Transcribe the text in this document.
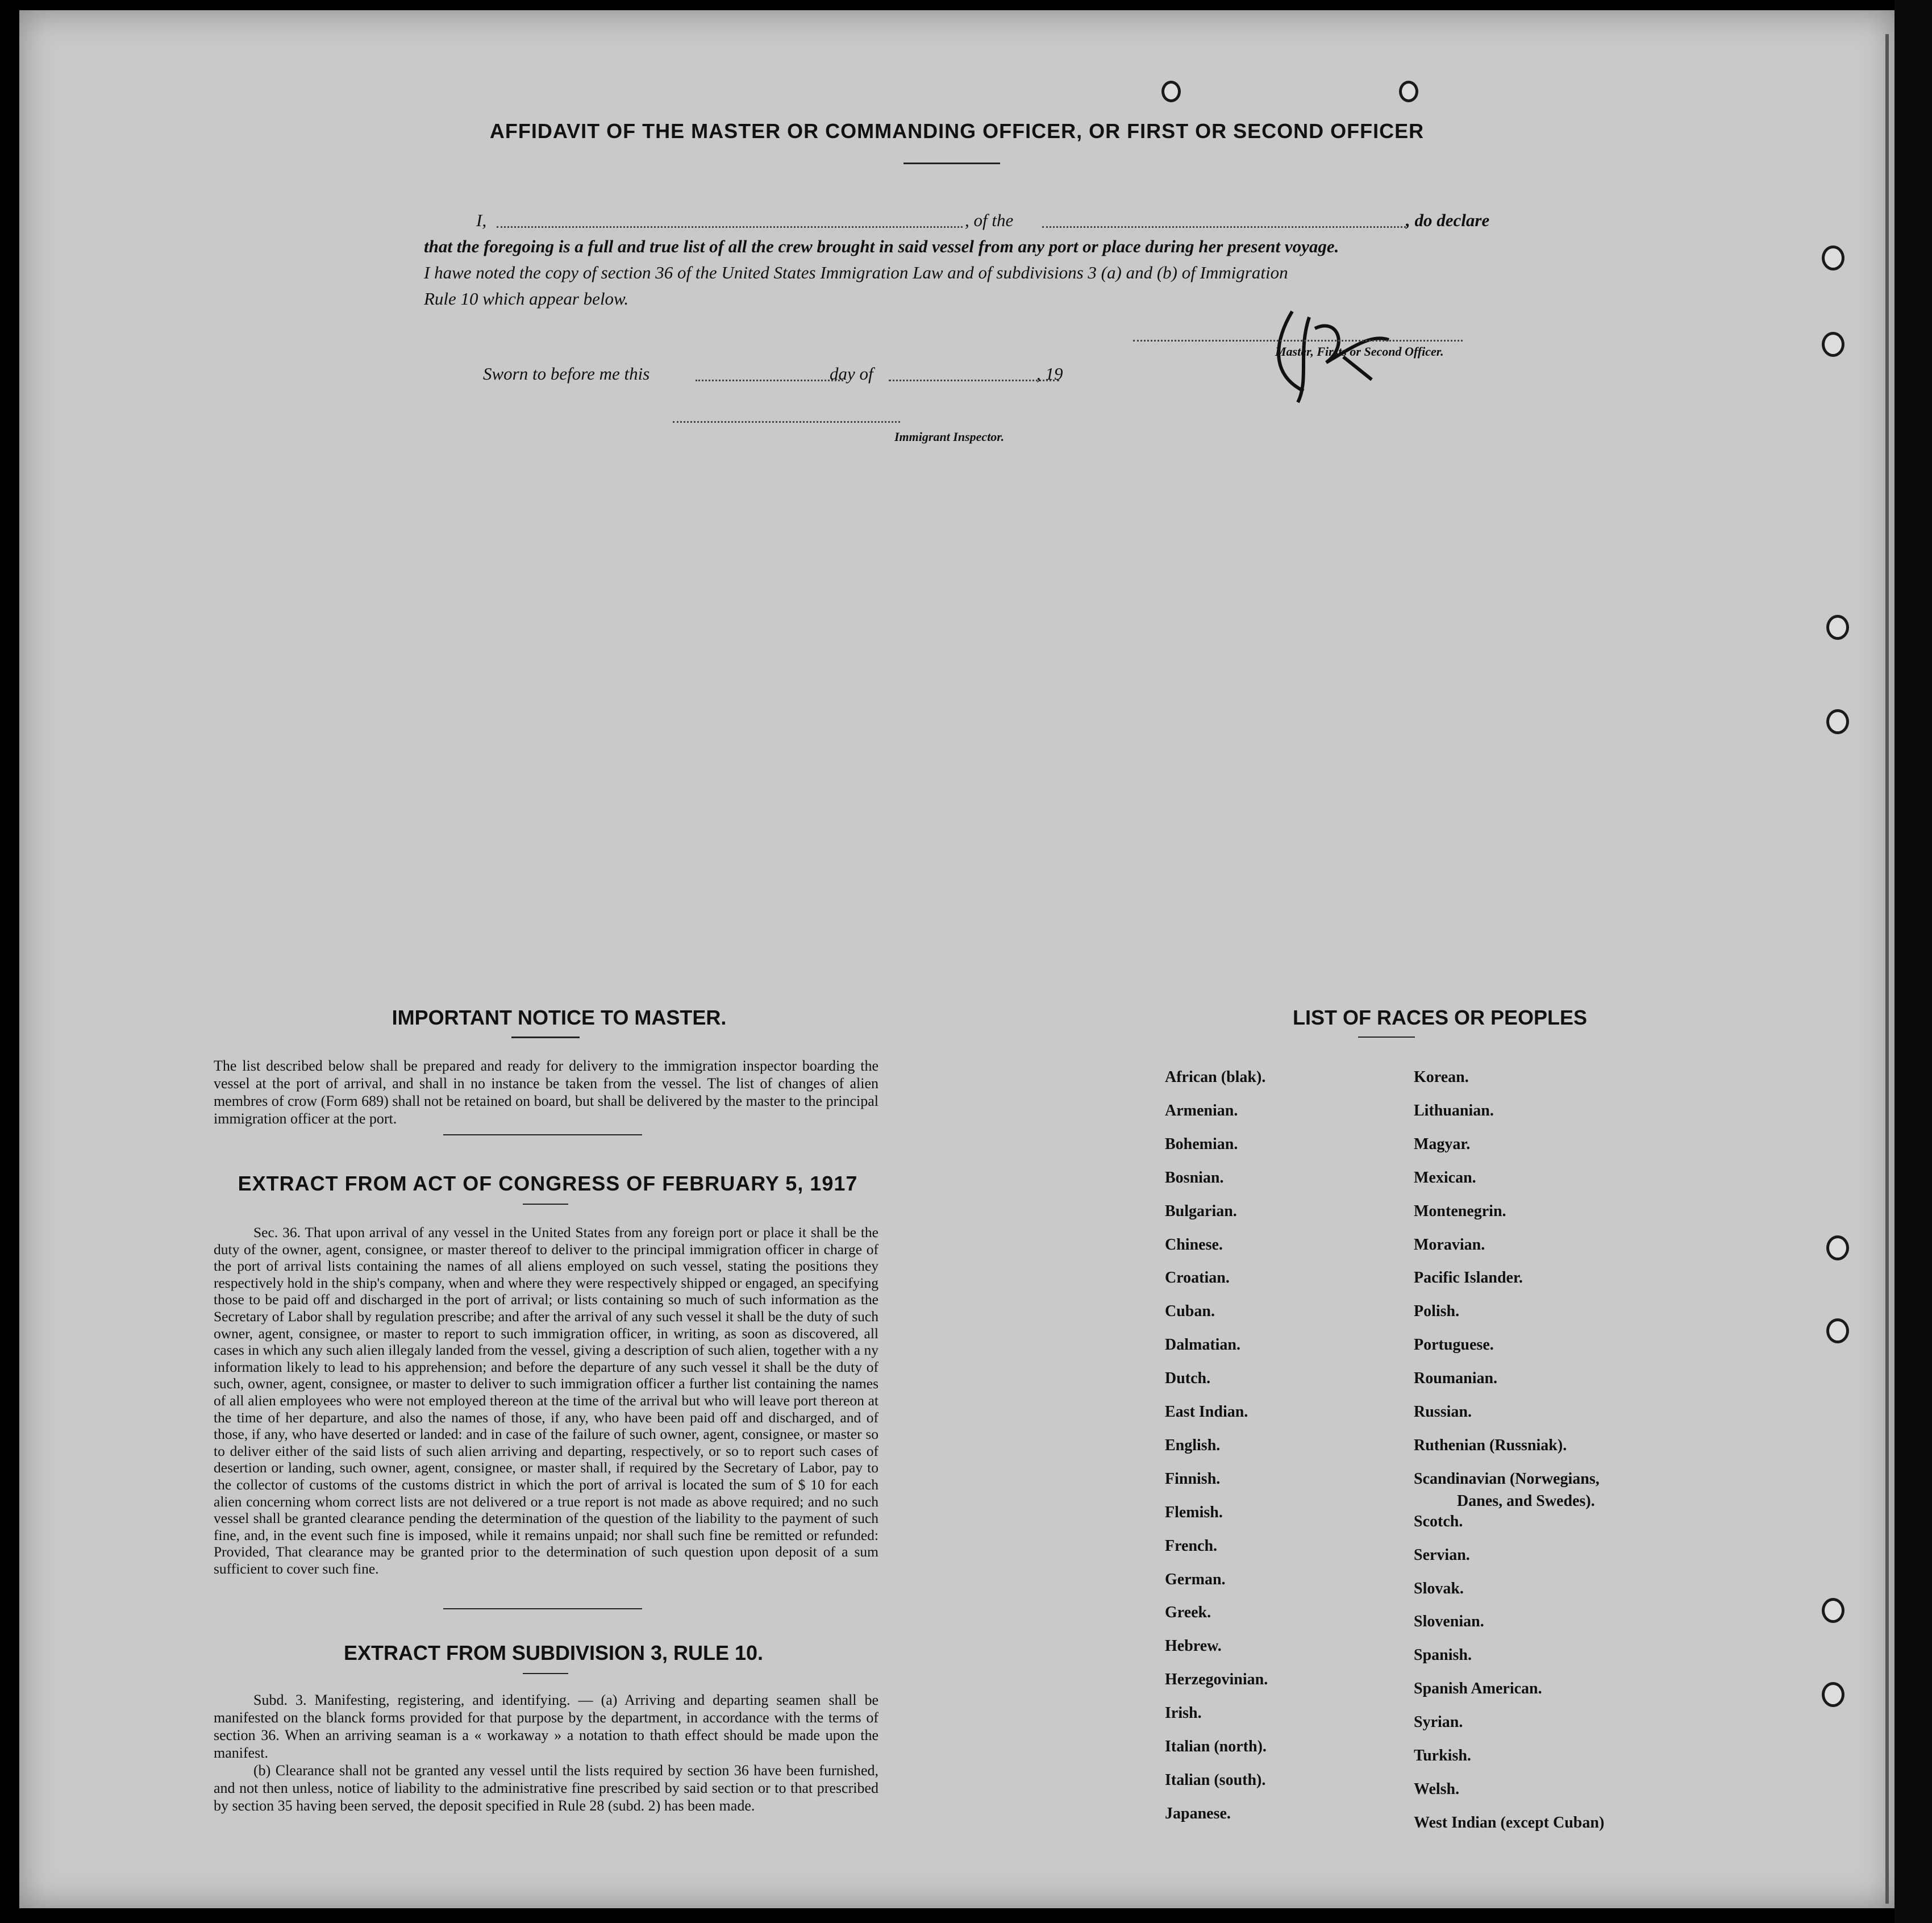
AFFIDAVIT OF THE MASTER OR COMMANDING OFFICER, OR FIRST OR SECOND OFFICER
I,	, of the	, do declare
that the foregoing is a full and true list of all the crew brought in said vessel from any port or place during her present voyage.
I hawe noted the copy of section 36 of the United States Immigration Law and of subdivisions 3 (a) and (b) of Immigration
Rule 10 which appear below.
Master, Firsts or Second Officer.
Sworn to before me this	day of	, 19
Immigrant Inspector.
IMPORTANT NOTICE TO MASTER.
The list described below shall be prepared and ready for delivery to the immigration inspector boarding the vessel at the port of arrival, and shall in no instance be taken from the vessel. The list of changes of alien membres of crow (Form 689) shall not be retained on board, but shall be delivered by the master to the principal immigration officer at the port.
EXTRACT FROM ACT OF CONGRESS OF FEBRUARY 5, 1917
Sec. 36. That upon arrival of any vessel in the United States from any foreign port or place it shall be the duty of the owner, agent, consignee, or master thereof to deliver to the principal immigration officer in charge of the port of arrival lists containing the names of all aliens employed on such vessel, stating the positions they respectively hold in the ship's company, when and where they were respectively shipped or engaged, an specifying those to be paid off and discharged in the port of arrival; or lists containing so much of such information as the Secretary of Labor shall by regulation prescribe; and after the arrival of any such vessel it shall be the duty of such owner, agent, consignee, or master to report to such immigration officer, in writing, as soon as discovered, all cases in which any such alien illegaly landed from the vessel, giving a description of such alien, together with a ny information likely to lead to his apprehension; and before the departure of any such vessel it shall be the duty of such, owner, agent, consignee, or master to deliver to such immigration officer a further list containing the names of all alien employees who were not employed thereon at the time of the arrival but who will leave port thereon at the time of her departure, and also the names of those, if any, who have been paid off and discharged, and of those, if any, who have deserted or landed: and in case of the failure of such owner, agent, consignee, or master so to deliver either of the said lists of such alien arriving and departing, respectively, or so to report such cases of desertion or landing, such owner, agent, consignee, or master shall, if required by the Secretary of Labor, pay to the collector of customs of the customs district in which the port of arrival is located the sum of $ 10 for each alien concerning whom correct lists are not delivered or a true report is not made as above required; and no such vessel shall be granted clearance pending the determination of the question of the liability to the payment of such fine, and, in the event such fine is imposed, while it remains unpaid; nor shall such fine be remitted or refunded: Provided, That clearance may be granted prior to the determination of such question upon deposit of a sum sufficient to cover such fine.
EXTRACT FROM SUBDIVISION 3, RULE 10.
Subd. 3. Manifesting, registering, and identifying. — (a) Arriving and departing seamen shall be manifested on the blanck forms provided for that purpose by the department, in accordance with the terms of section 36. When an arriving seaman is a « workaway » a notation to thath effect should be made upon the manifest.
(b) Clearance shall not be granted any vessel until the lists required by section 36 have been furnished, and not then unless, notice of liability to the administrative fine prescribed by said section or to that prescribed by section 35 having been served, the deposit specified in Rule 28 (subd. 2) has been made.
LIST OF RACES OR PEOPLES
Danes, and Swedes).
African (blak).
Armenian.
Bohemian.
Bosnian.
Bulgarian.
Chinese.
Croatian.
Cuban.
Dalmatian.
Dutch.
East Indian.
English.
Finnish.
Flemish.
French.
German.
Greek.
Hebrew.
Herzegovinian.
Irish.
Italian (north).
Italian (south).
Japanese.
Korean.
Lithuanian.
Magyar.
Mexican.
Montenegrin.
Moravian.
Pacific Islander.
Polish.
Portuguese.
Roumanian.
Russian.
Ruthenian (Russniak).
Scandinavian (Norwegians,
Scotch.
Servian.
Slovak.
Slovenian.
Spanish.
Spanish American.
Syrian.
Turkish.
Welsh.
West Indian (except Cuban)
